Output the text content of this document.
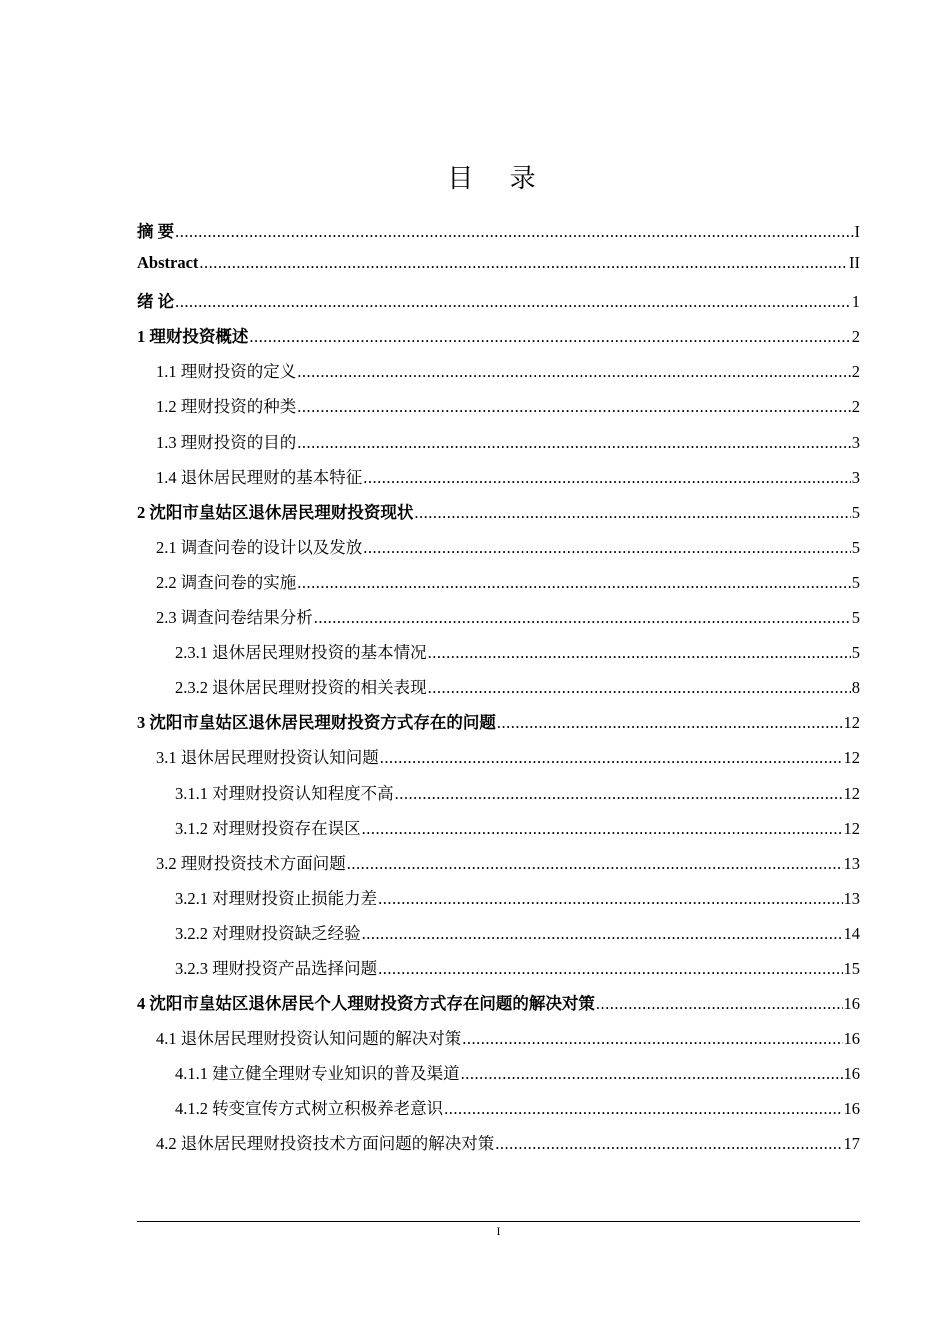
目 录
摘 要 .....	I
Abstract .....	II
绪 论 .....	1
1 理财投资概述 .....	2
1.1 理财投资的定义 .....	2
1.2 理财投资的种类 .....	2
1.3 理财投资的目的 .....	3
1.4 退休居民理财的基本特征 .....	3
2 沈阳市皇姑区退休居民理财投资现状 .....	5
2.1 调查问卷的设计以及发放 .....	5
2.2 调查问卷的实施 .....	5
2.3 调查问卷结果分析 .....	5
2.3.1 退休居民理财投资的基本情况 .....	5
2.3.2 退休居民理财投资的相关表现 .....	8
3 沈阳市皇姑区退休居民理财投资方式存在的问题 .....	12
3.1 退休居民理财投资认知问题 .....	12
3.1.1 对理财投资认知程度不高 .....	12
3.1.2 对理财投资存在误区 .....	12
3.2 理财投资技术方面问题 .....	13
3.2.1 对理财投资止损能力差 .....	13
3.2.2 对理财投资缺乏经验 .....	14
3.2.3 理财投资产品选择问题 .....	15
4 沈阳市皇姑区退休居民个人理财投资方式存在问题的解决对策 .....	16
4.1 退休居民理财投资认知问题的解决对策 .....	16
4.1.1 建立健全理财专业知识的普及渠道 .....	16
4.1.2 转变宣传方式树立积极养老意识 .....	16
4.2 退休居民理财投资技术方面问题的解决对策 .....	17
I
